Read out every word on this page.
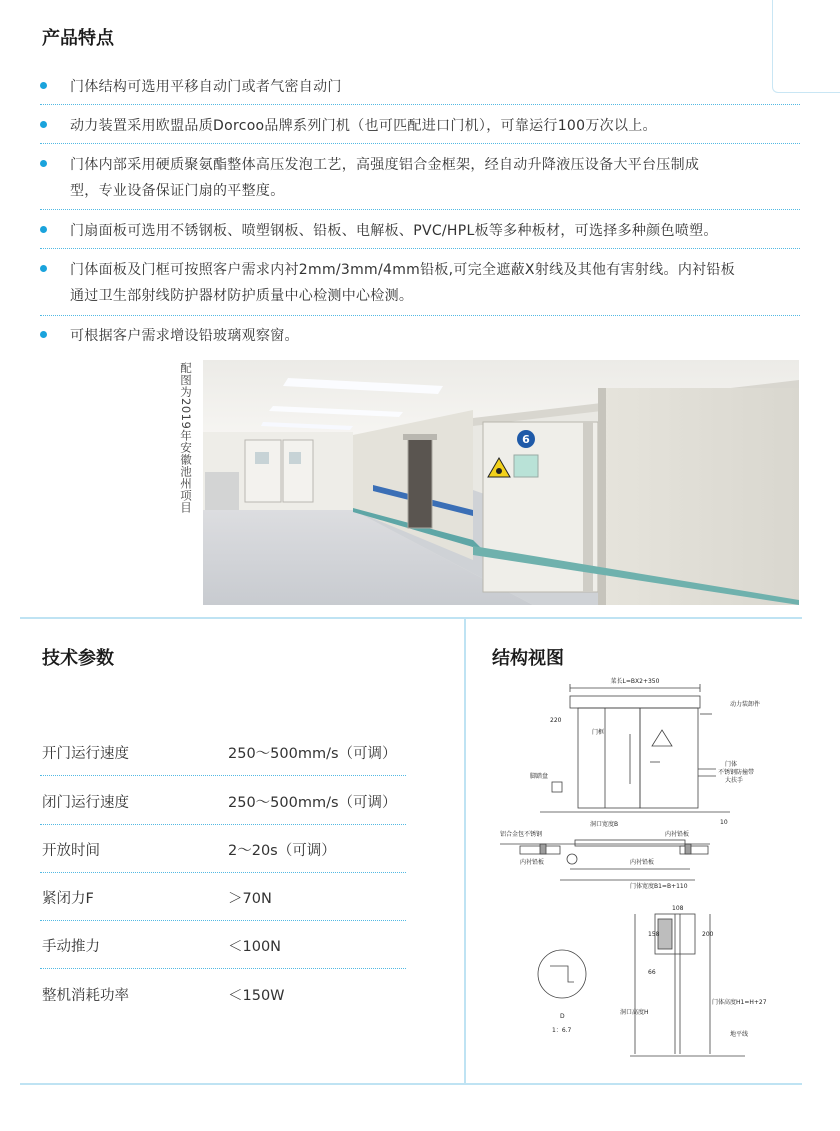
产品特点
门体结构可选用平移自动门或者气密自动门
动力装置采用欧盟品质Dorcoo品牌系列门机（也可匹配进口门机），可靠运行100万次以上。
门体内部采用硬质聚氨酯整体高压发泡工艺，高强度铝合金框架，经自动升降液压设备大平台压制成
型，专业设备保证门扇的平整度。
门扇面板可选用不锈钢板、喷塑钢板、铅板、电解板、PVC/HPL板等多种板材，可选择多种颜色喷塑。
门体面板及门框可按照客户需求内衬2mm/3mm/4mm铅板,可完全遮蔽X射线及其他有害射线。内衬铅板
通过卫生部射线防护器材防护质量中心检测中心检测。
可根据客户需求增设铅玻璃观察窗。
配图为2019年安徽池州项目	6
技术参数
开门运行速度	250～500mm/s（可调）
闭门运行速度	250～500mm/s（可调）
开放时间	2～20s（可调）
紧闭力F	＞70N
手动推力	＜100N
整机消耗功率	＜150W
结构视图
菜长L=BX2+350
动力装卸件
门框
220
门体
不锈钢防撞带
大扶手
脚踏盘
10
洞口宽度B
铝合金包不锈钢
内衬铅板	内衬铅板
内衬铅板
门体宽度B1=B+110
108
158	200
66
洞口高度H
门体高度H1=H+27
地平线
D
1：6.7
